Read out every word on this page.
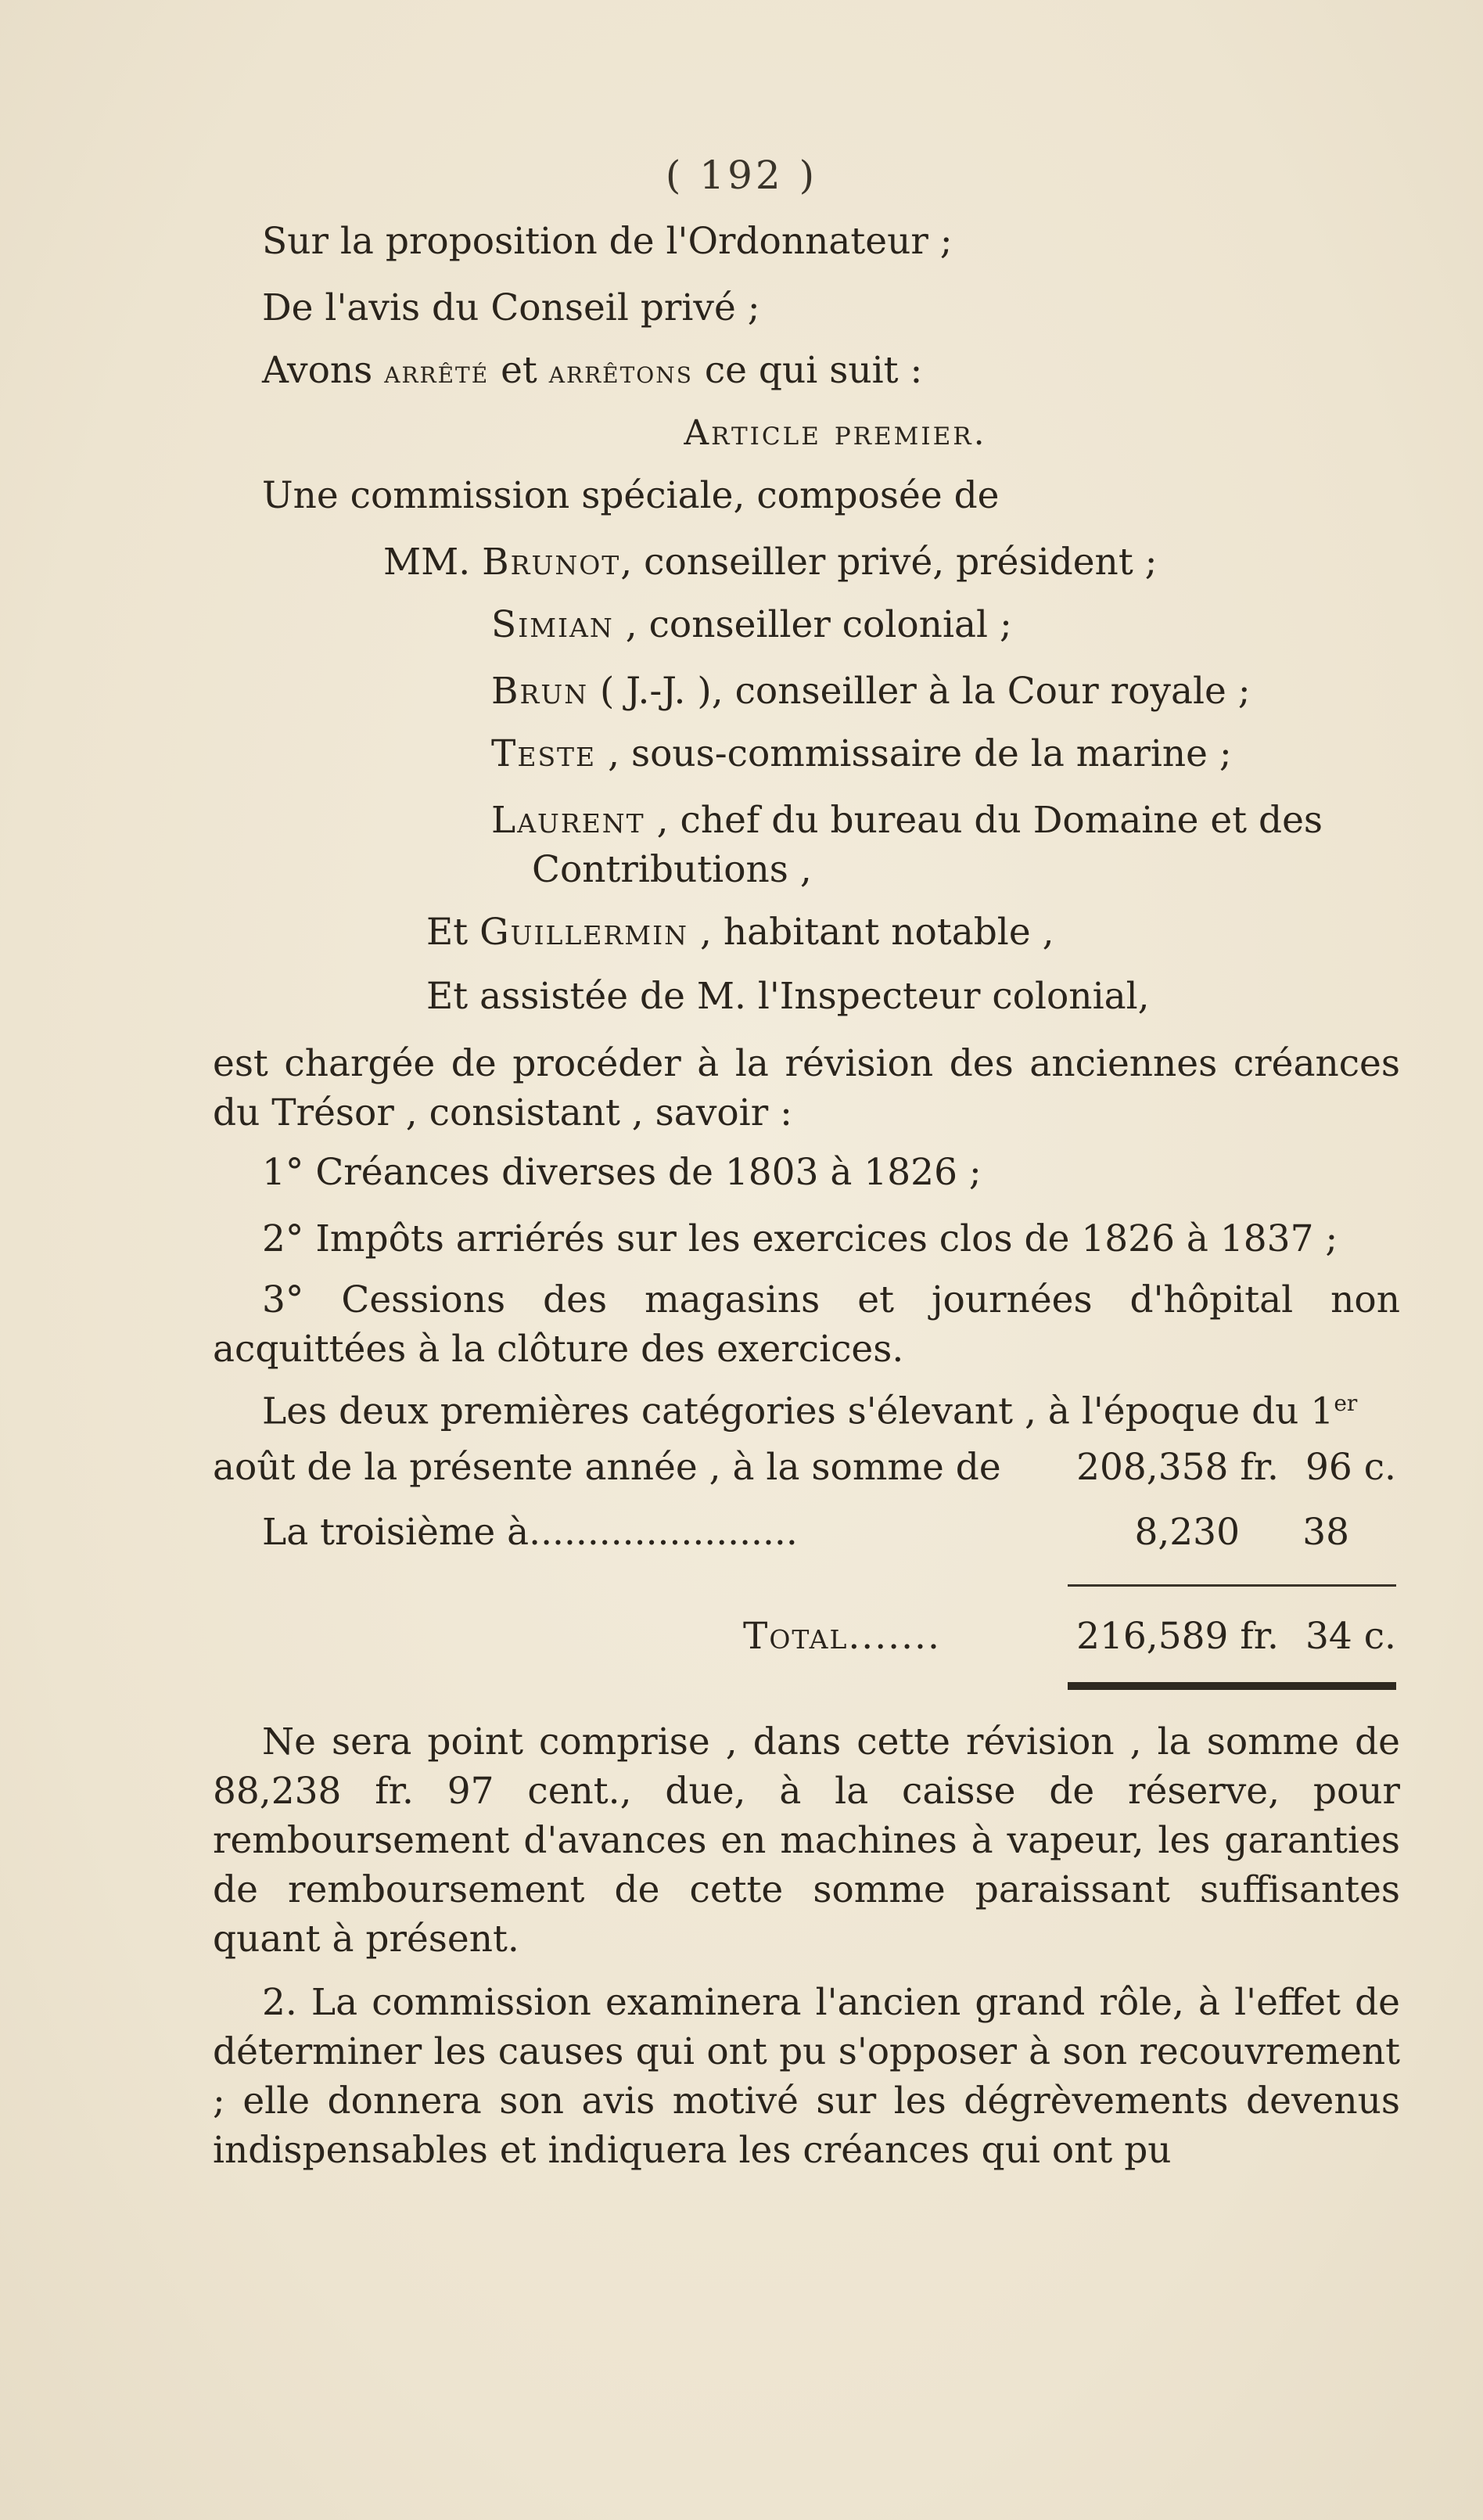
( 192 )
Sur la proposition de l'Ordonnateur ;
De l'avis du Conseil privé ;
Avons arrêté et arrêtons ce qui suit :
Article premier.
Une commission spéciale, composée de
MM. Brunot, conseiller privé, président ;
Simian , conseiller colonial ;
Brun ( J.-J. ), conseiller à la Cour royale ;
Teste , sous-commissaire de la marine ;
Laurent , chef du bureau du Domaine et des
Contributions ,
Et Guillermin , habitant notable ,
Et assistée de M. l'Inspecteur colonial,
est chargée de procéder à la révision des anciennes créances du Trésor , consistant , savoir :
1° Créances diverses de 1803 à 1826 ;
2° Impôts arriérés sur les exercices clos de 1826 à 1837 ;
3° Cessions des magasins et journées d'hôpital non acquittées à la clôture des exercices.
Les deux premières catégories s'élevant , à l'époque du 1er
août de la présente année , à la somme de 208,358 fr. 96 c.
La troisième à.......................	8,230	38
Total.......	216,589 fr. 34 c.
Ne sera point comprise , dans cette révision , la somme de 88,238 fr. 97 cent., due, à la caisse de réserve, pour remboursement d'avances en machines à vapeur, les garanties de remboursement de cette somme paraissant suffisantes quant à présent.
2. La commission examinera l'ancien grand rôle, à l'effet de déterminer les causes qui ont pu s'opposer à son recouvrement ; elle donnera son avis motivé sur les dégrèvements devenus indispensables et indiquera les créances qui ont pu
